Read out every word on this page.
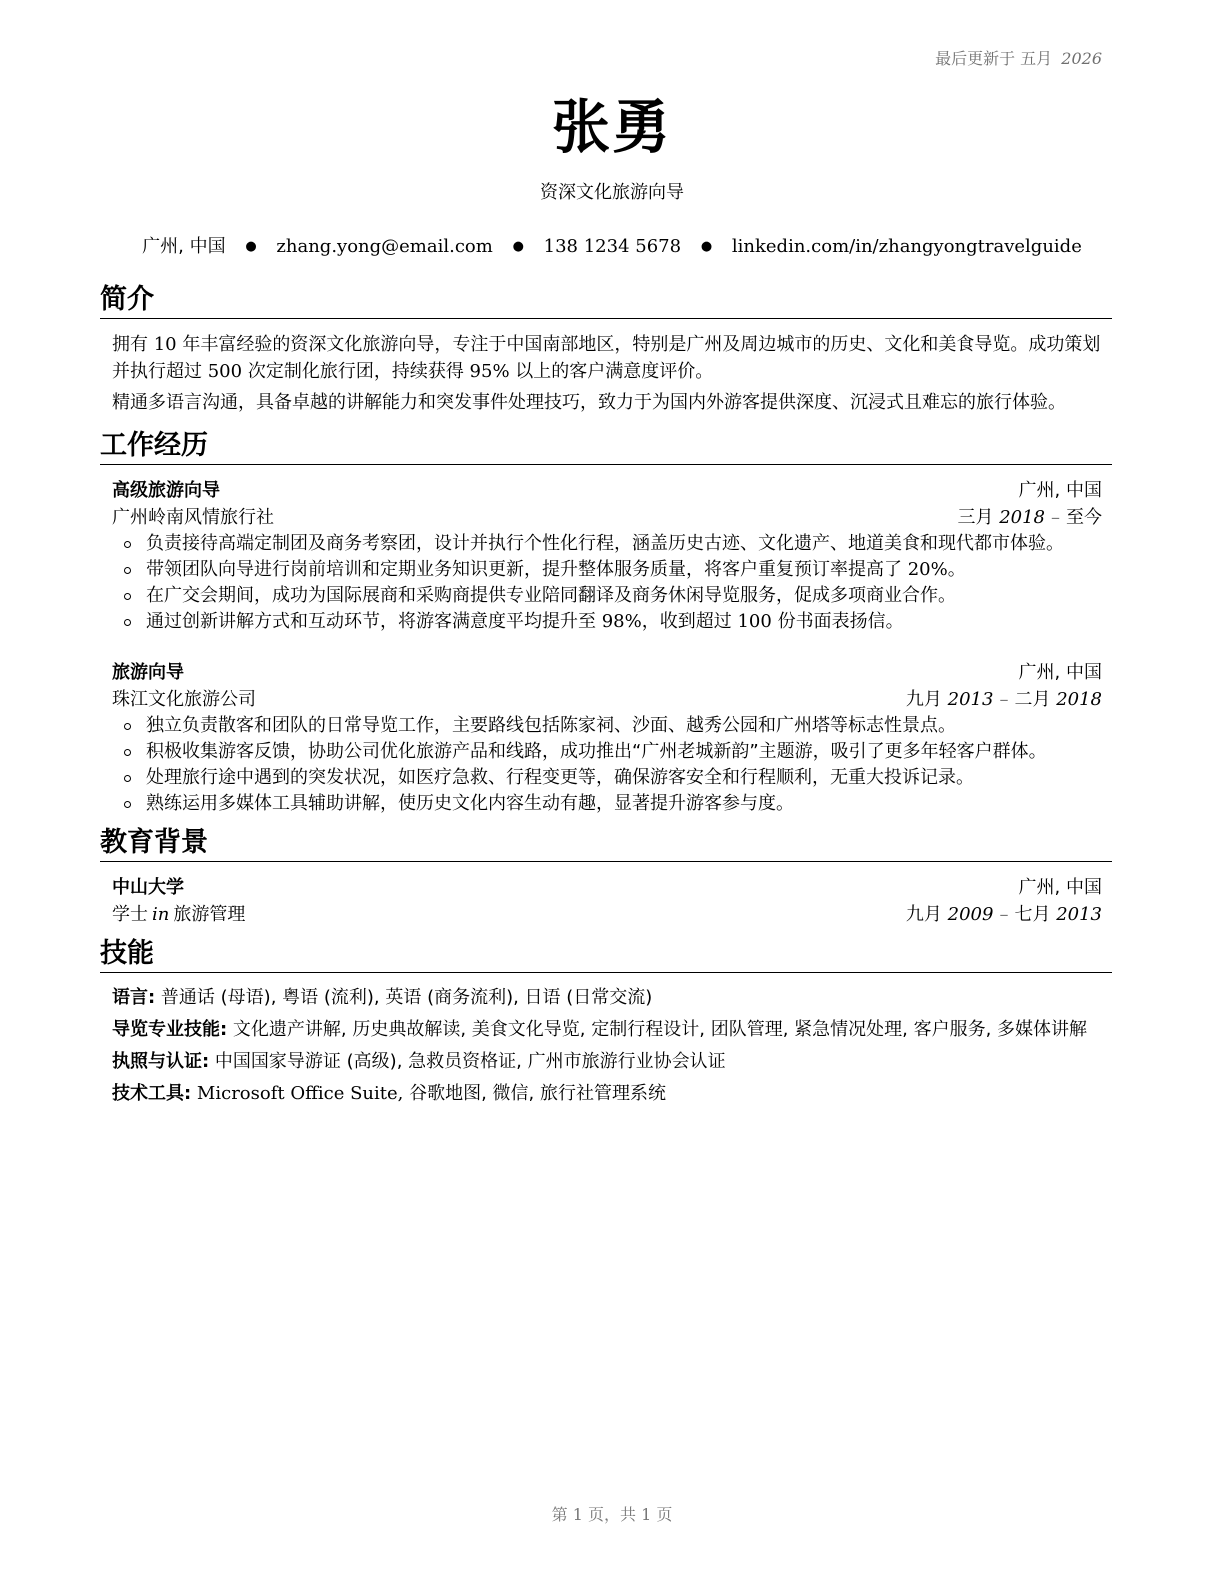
最后更新于 五月 2026
张勇
资深文化旅游向导
广州, 中国 ● zhang.yong@email.com ● 138 1234 5678 ● linkedin.com/in/zhangyongtravelguide
简介

拥有 10 年丰富经验的资深文化旅游向导，专注于中国南部地区，特别是广州及周边城市的历史、文化和美食导览。成功策划并执行超过 500 次定制化旅行团，持续获得 95% 以上的客户满意度评价。

精通多语言沟通，具备卓越的讲解能力和突发事件处理技巧，致力于为国内外游客提供深度、沉浸式且难忘的旅行体验。

工作经历
高级旅游向导	广州, 中国
广州岭南风情旅行社	三月 2018 – 至今
负责接待高端定制团及商务考察团，设计并执行个性化行程，涵盖历史古迹、文化遗产、地道美食和现代都市体验。
带领团队向导进行岗前培训和定期业务知识更新，提升整体服务质量，将客户重复预订率提高了 20%。
在广交会期间，成功为国际展商和采购商提供专业陪同翻译及商务休闲导览服务，促成多项商业合作。
通过创新讲解方式和互动环节，将游客满意度平均提升至 98%，收到超过 100 份书面表扬信。
旅游向导	广州, 中国
珠江文化旅游公司	九月 2013 – 二月 2018
独立负责散客和团队的日常导览工作，主要路线包括陈家祠、沙面、越秀公园和广州塔等标志性景点。
积极收集游客反馈，协助公司优化旅游产品和线路，成功推出“广州老城新韵”主题游，吸引了更多年轻客户群体。
处理旅行途中遇到的突发状况，如医疗急救、行程变更等，确保游客安全和行程顺利，无重大投诉记录。
熟练运用多媒体工具辅助讲解，使历史文化内容生动有趣，显著提升游客参与度。
教育背景
中山大学	广州, 中国
学士 in 旅游管理	九月 2009 – 七月 2013
技能

语言: 普通话 (母语), 粤语 (流利), 英语 (商务流利), 日语 (日常交流)

导览专业技能: 文化遗产讲解, 历史典故解读, 美食文化导览, 定制行程设计, 团队管理, 紧急情况处理, 客户服务, 多媒体讲解

执照与认证: 中国国家导游证 (高级), 急救员资格证, 广州市旅游行业协会认证

技术工具: Microsoft Office Suite, 谷歌地图, 微信, 旅行社管理系统

第 1 页，共 1 页
